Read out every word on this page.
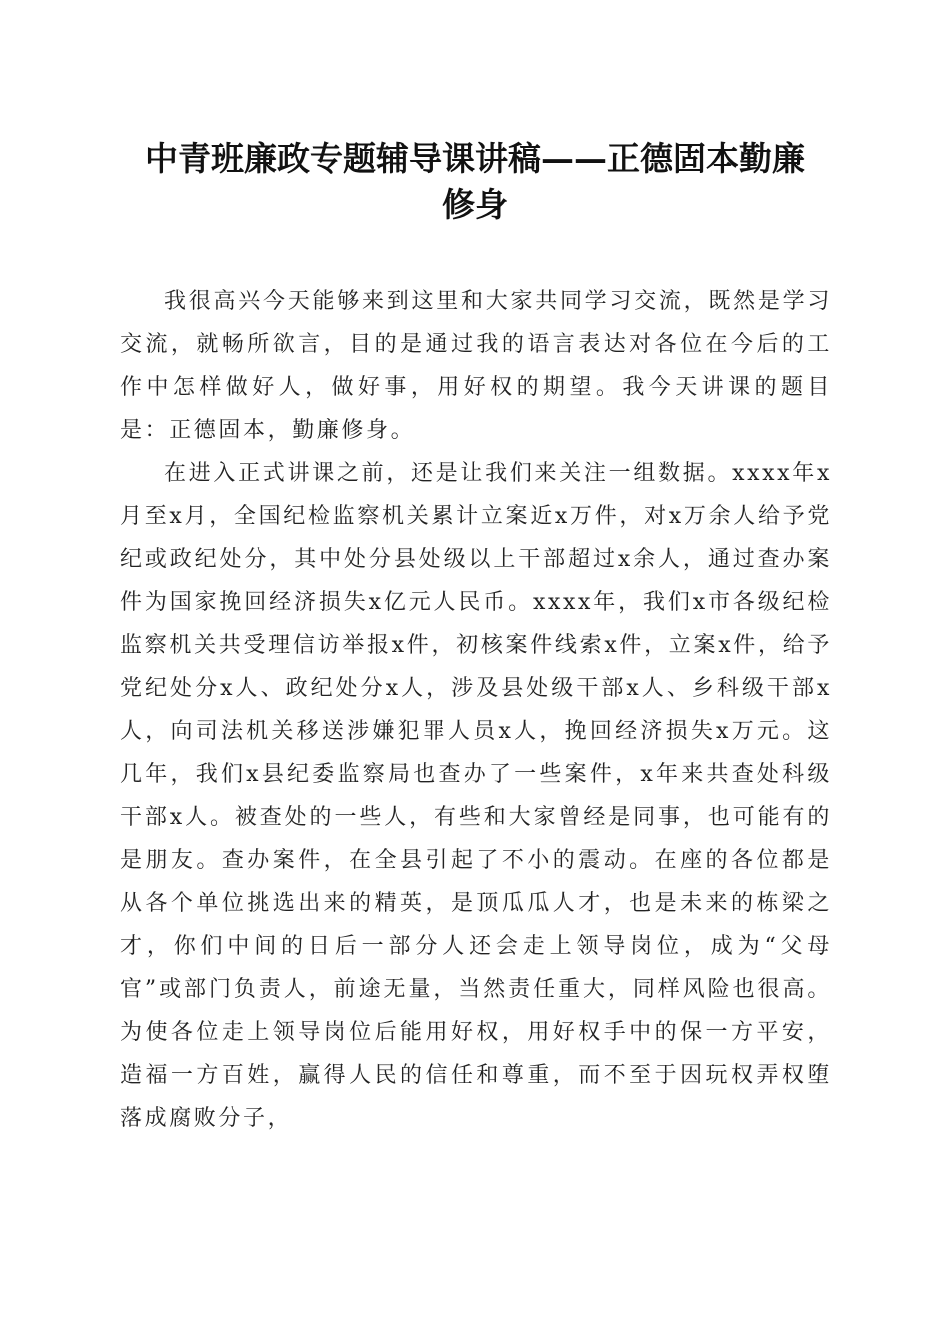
中青班廉政专题辅导课讲稿——正德固本勤廉
修身

我很高兴今天能够来到这里和大家共同学习交流，既然是学习交流，就畅所欲言，目的是通过我的语言表达对各位在今后的工作中怎样做好人，做好事，用好权的期望。我今天讲课的题目是：正德固本，勤廉修身。

在进入正式讲课之前，还是让我们来关注一组数据。xxxx年x月至x月，全国纪检监察机关累计立案近x万件，对x万余人给予党纪或政纪处分，其中处分县处级以上干部超过x余人，通过查办案件为国家挽回经济损失x亿元人民币。xxxx年，我们x市各级纪检监察机关共受理信访举报x件，初核案件线索x件，立案x件，给予党纪处分x人、政纪处分x人，涉及县处级干部x人、乡科级干部x人，向司法机关移送涉嫌犯罪人员x人，挽回经济损失x万元。这几年，我们x县纪委监察局也查办了一些案件，x年来共查处科级干部x人。被查处的一些人，有些和大家曾经是同事，也可能有的是朋友。查办案件，在全县引起了不小的震动。在座的各位都是从各个单位挑选出来的精英，是顶瓜瓜人才，也是未来的栋梁之才，你们中间的日后一部分人还会走上领导岗位，成为“父母官”或部门负责人，前途无量，当然责任重大，同样风险也很高。为使各位走上领导岗位后能用好权，用好权手中的保一方平安，造福一方百姓，赢得人民的信任和尊重，而不至于因玩权弄权堕落成腐败分子，
